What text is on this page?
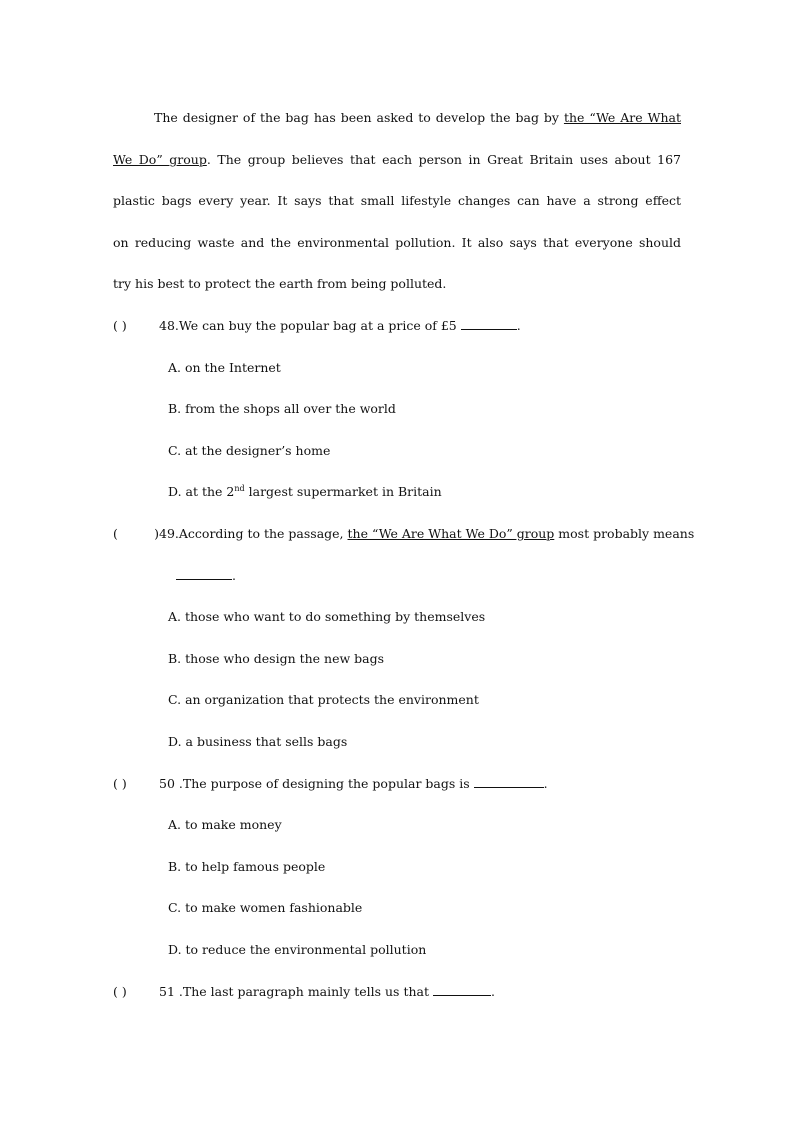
The designer of the bag has been asked to develop the bag by the “We Are What
We Do” group. The group believes that each person in Great Britain uses about 167
plastic bags every year. It says that small lifestyle changes can have a strong effect
on reducing waste and the environmental pollution. It also says that everyone should
try his best to protect the earth from being polluted.
( )	48.We can buy the popular bag at a price of £5	.
A. on the Internet
B. from the shops all over the world
C. at the designer’s home
D. at the 2nd largest supermarket in Britain
( )49.According to the passage, the “We Are What We Do” group most probably means
.
A. those who want to do something by themselves
B. those who design the new bags
C. an organization that protects the environment
D. a business that sells bags
( )	50 .The purpose of designing the popular bags is	.
A. to make money
B. to help famous people
C. to make women fashionable
D. to reduce the environmental pollution
( )	51 .The last paragraph mainly tells us that	.
